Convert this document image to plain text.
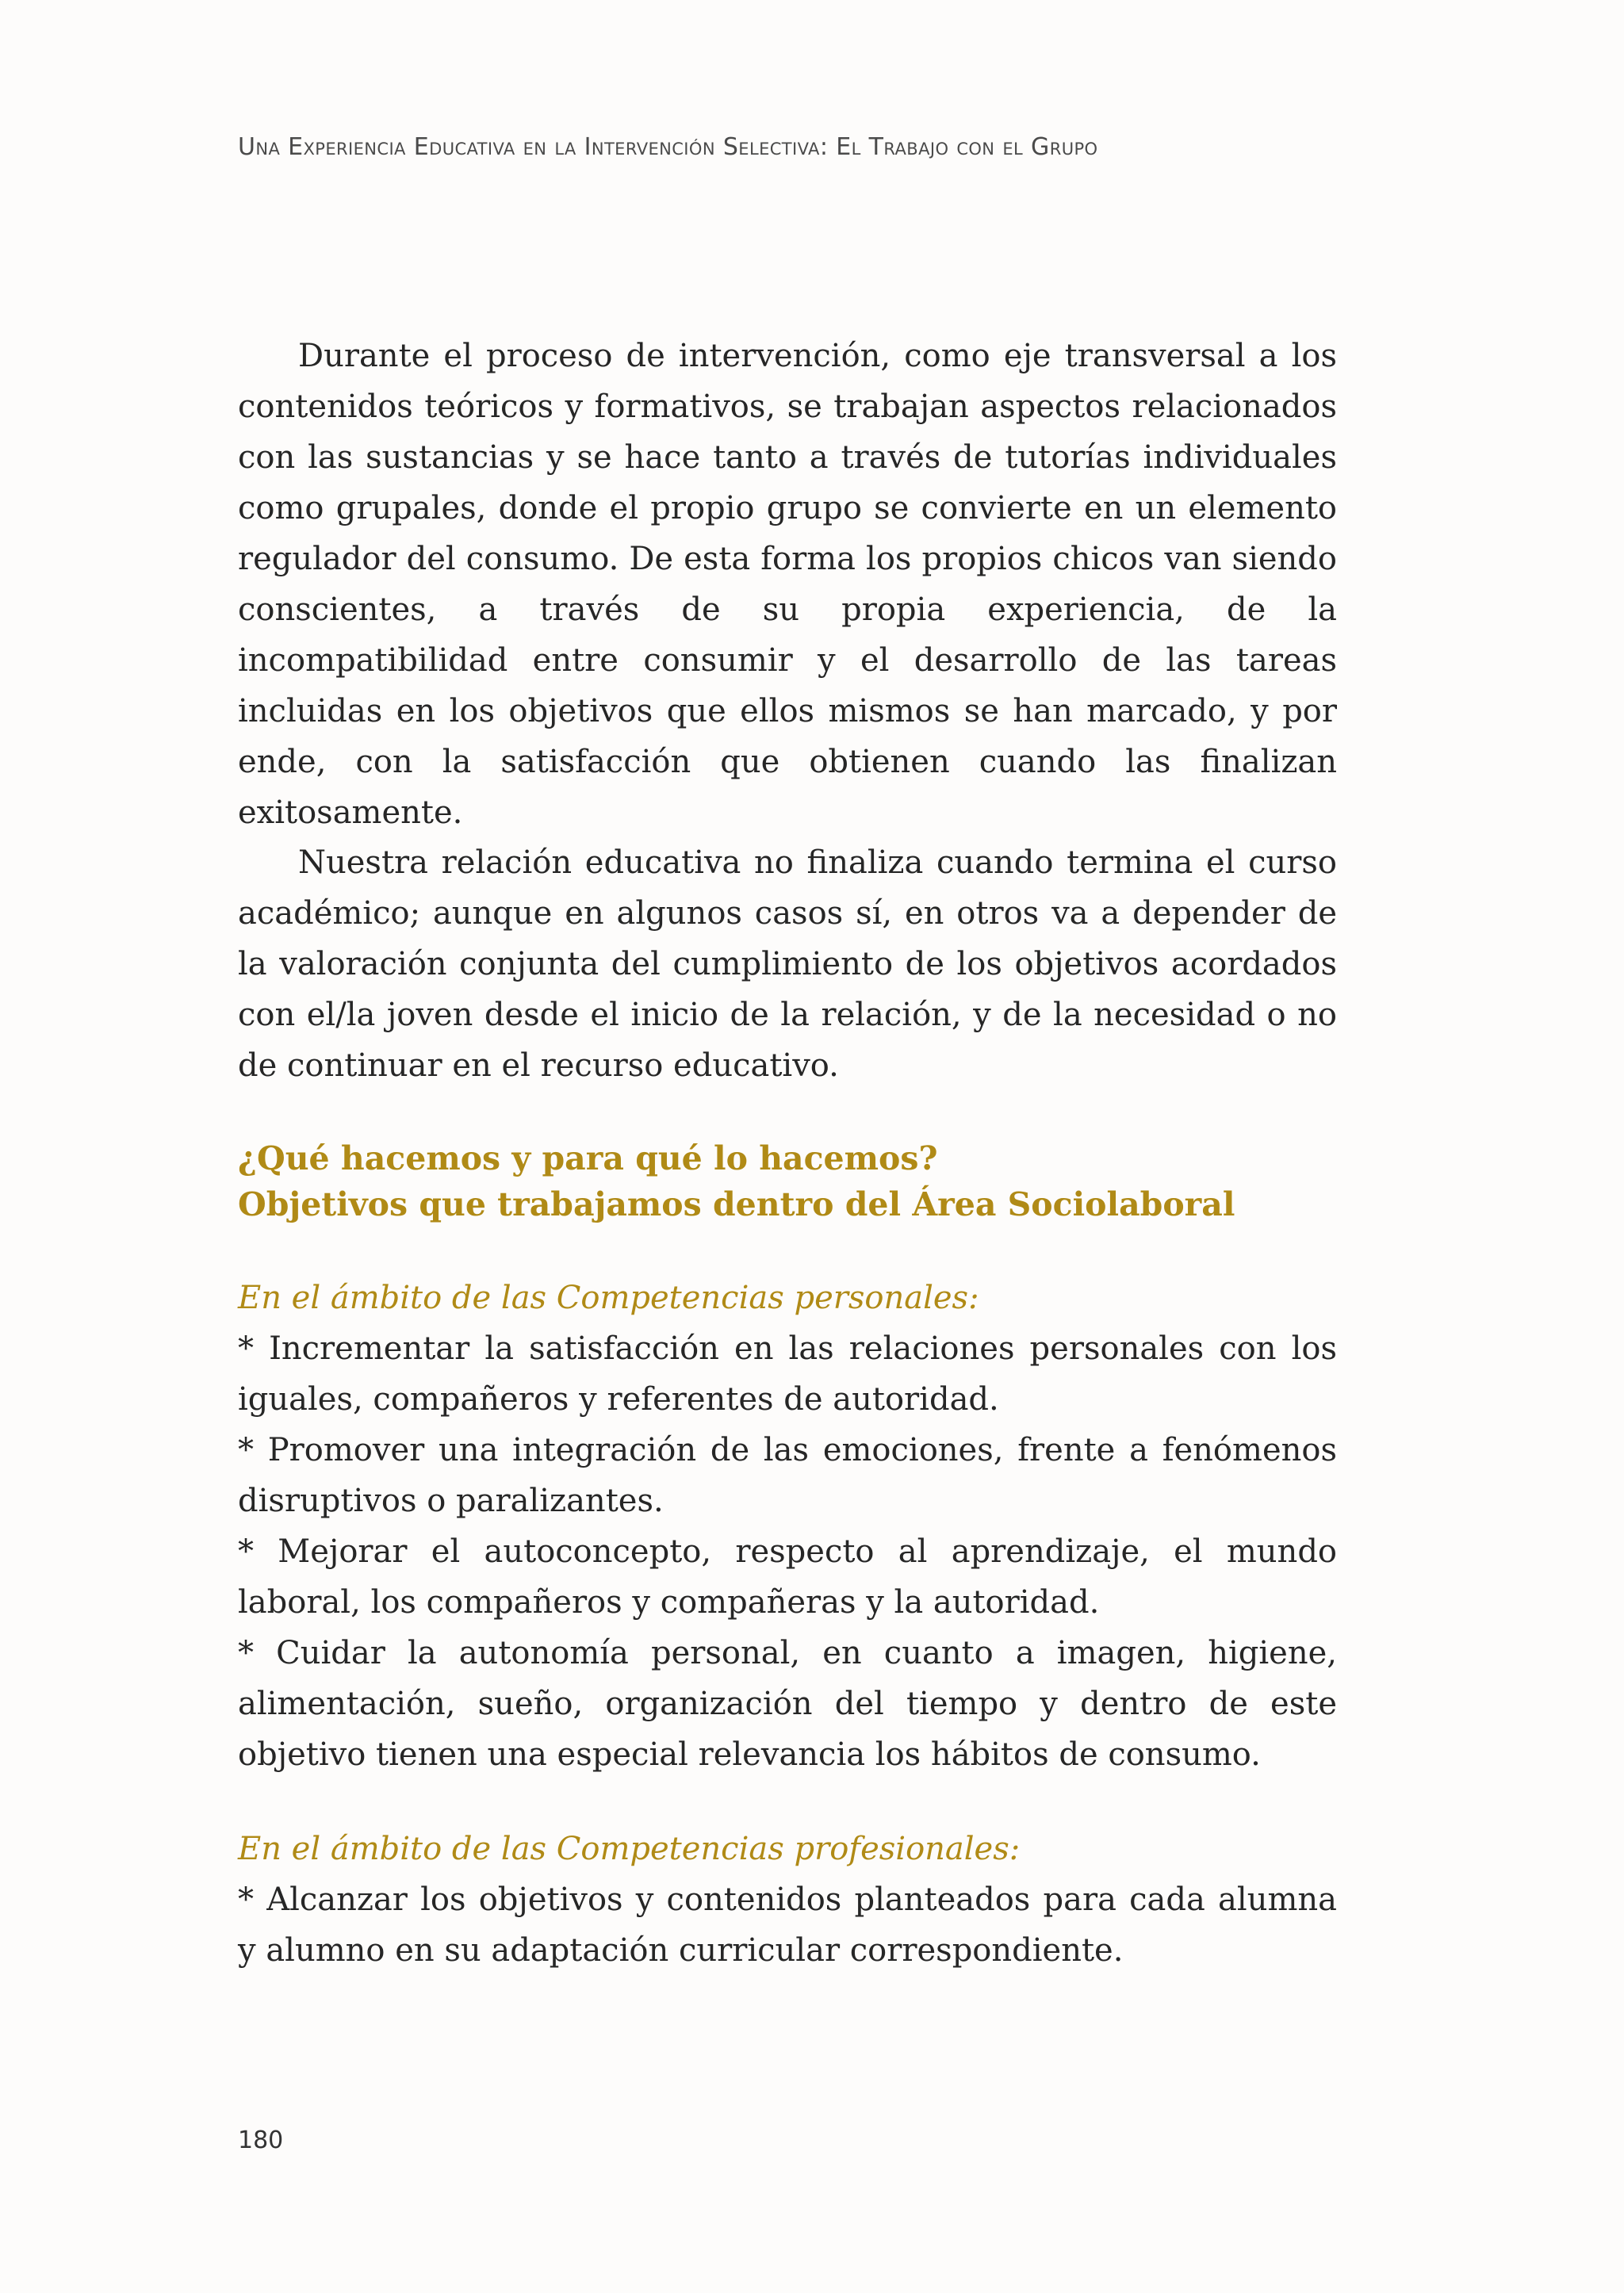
Una Experiencia Educativa en la Intervención Selectiva: El Trabajo con el Grupo

Durante el proceso de intervención, como eje transversal a los contenidos teóricos y formativos, se trabajan aspectos relacionados con las sustancias y se hace tanto a través de tutorías individuales como grupales, donde el propio grupo se convierte en un elemento regulador del consumo. De esta forma los propios chicos van siendo conscientes, a través de su propia experiencia, de la incompatibilidad entre consumir y el desarrollo de las tareas incluidas en los objetivos que ellos mismos se han marcado, y por ende, con la satisfacción que obtienen cuando las finalizan exitosamente.

Nuestra relación educativa no finaliza cuando termina el curso académico; aunque en algunos casos sí, en otros va a depender de la valoración conjunta del cumplimiento de los objetivos acordados con el/la joven desde el inicio de la relación, y de la necesidad o no de continuar en el recurso educativo.

¿Qué hacemos y para qué lo hacemos?

Objetivos que trabajamos dentro del Área Sociolaboral

En el ámbito de las Competencias personales:

* Incrementar la satisfacción en las relaciones personales con los iguales, compañeros y referentes de autoridad.

* Promover una integración de las emociones, frente a fenómenos disruptivos o paralizantes.

* Mejorar el autoconcepto, respecto al aprendizaje, el mundo laboral, los compañeros y compañeras y la autoridad.

* Cuidar la autonomía personal, en cuanto a imagen, higiene, alimentación, sueño, organización del tiempo y dentro de este objetivo tienen una especial relevancia los hábitos de consumo.

En el ámbito de las Competencias profesionales:

* Alcanzar los objetivos y contenidos planteados para cada alumna y alumno en su adaptación curricular correspondiente.

180
